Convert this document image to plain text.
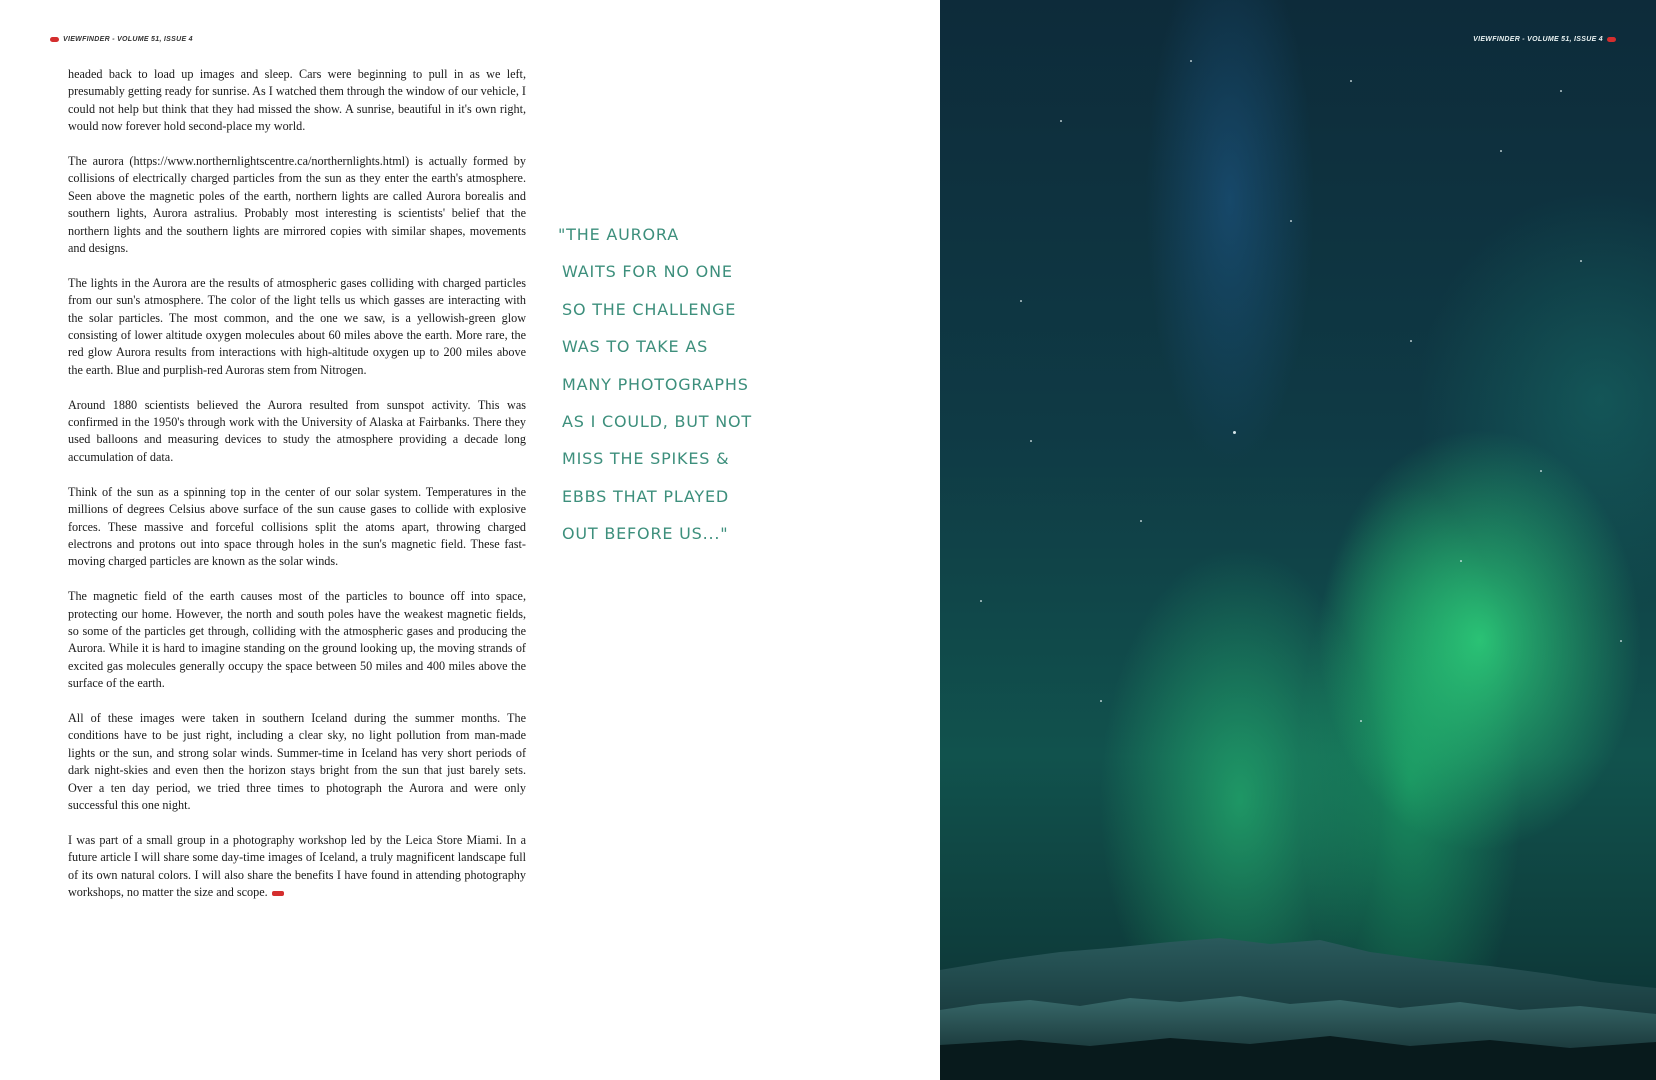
VIEWFINDER - VOLUME 51, ISSUE 4

headed back to load up images and sleep. Cars were beginning to pull in as we left, presumably getting ready for sunrise. As I watched them through the window of our vehicle, I could not help but think that they had missed the show. A sunrise, beautiful in it's own right, would now forever hold second-place my world.

The aurora (https://www.northernlightscentre.ca/northernlights.html) is actually formed by collisions of electrically charged particles from the sun as they enter the earth's atmosphere. Seen above the magnetic poles of the earth, northern lights are called Aurora borealis and southern lights, Aurora astralius. Probably most interesting is scientists' belief that the northern lights and the southern lights are mirrored copies with similar shapes, movements and designs.

The lights in the Aurora are the results of atmospheric gases colliding with charged particles from our sun's atmosphere. The color of the light tells us which gasses are interacting with the solar particles. The most common, and the one we saw, is a yellowish-green glow consisting of lower altitude oxygen molecules about 60 miles above the earth. More rare, the red glow Aurora results from interactions with high-altitude oxygen up to 200 miles above the earth. Blue and purplish-red Auroras stem from Nitrogen.

Around 1880 scientists believed the Aurora resulted from sunspot activity. This was confirmed in the 1950's through work with the University of Alaska at Fairbanks. There they used balloons and measuring devices to study the atmosphere providing a decade long accumulation of data.

Think of the sun as a spinning top in the center of our solar system. Temperatures in the millions of degrees Celsius above surface of the sun cause gases to collide with explosive forces. These massive and forceful collisions split the atoms apart, throwing charged electrons and protons out into space through holes in the sun's magnetic field. These fast-moving charged particles are known as the solar winds.

The magnetic field of the earth causes most of the particles to bounce off into space, protecting our home. However, the north and south poles have the weakest magnetic fields, so some of the particles get through, colliding with the atmospheric gases and producing the Aurora. While it is hard to imagine standing on the ground looking up, the moving strands of excited gas molecules generally occupy the space between 50 miles and 400 miles above the surface of the earth.

All of these images were taken in southern Iceland during the summer months. The conditions have to be just right, including a clear sky, no light pollution from man-made lights or the sun, and strong solar winds. Summer-time in Iceland has very short periods of dark night-skies and even then the horizon stays bright from the sun that just barely sets. Over a ten day period, we tried three times to photograph the Aurora and were only successful this one night.

I was part of a small group in a photography workshop led by the Leica Store Miami. In a future article I will share some day-time images of Iceland, a truly magnificent landscape full of its own natural colors. I will also share the benefits I have found in attending photography workshops, no matter the size and scope.

"THE AURORA
WAITS FOR NO ONE
SO THE CHALLENGE
WAS TO TAKE AS
MANY PHOTOGRAPHS
AS I COULD, BUT NOT
MISS THE SPIKES &
EBBS THAT PLAYED
OUT BEFORE US..."
VIEWFINDER - VOLUME 51, ISSUE 4
